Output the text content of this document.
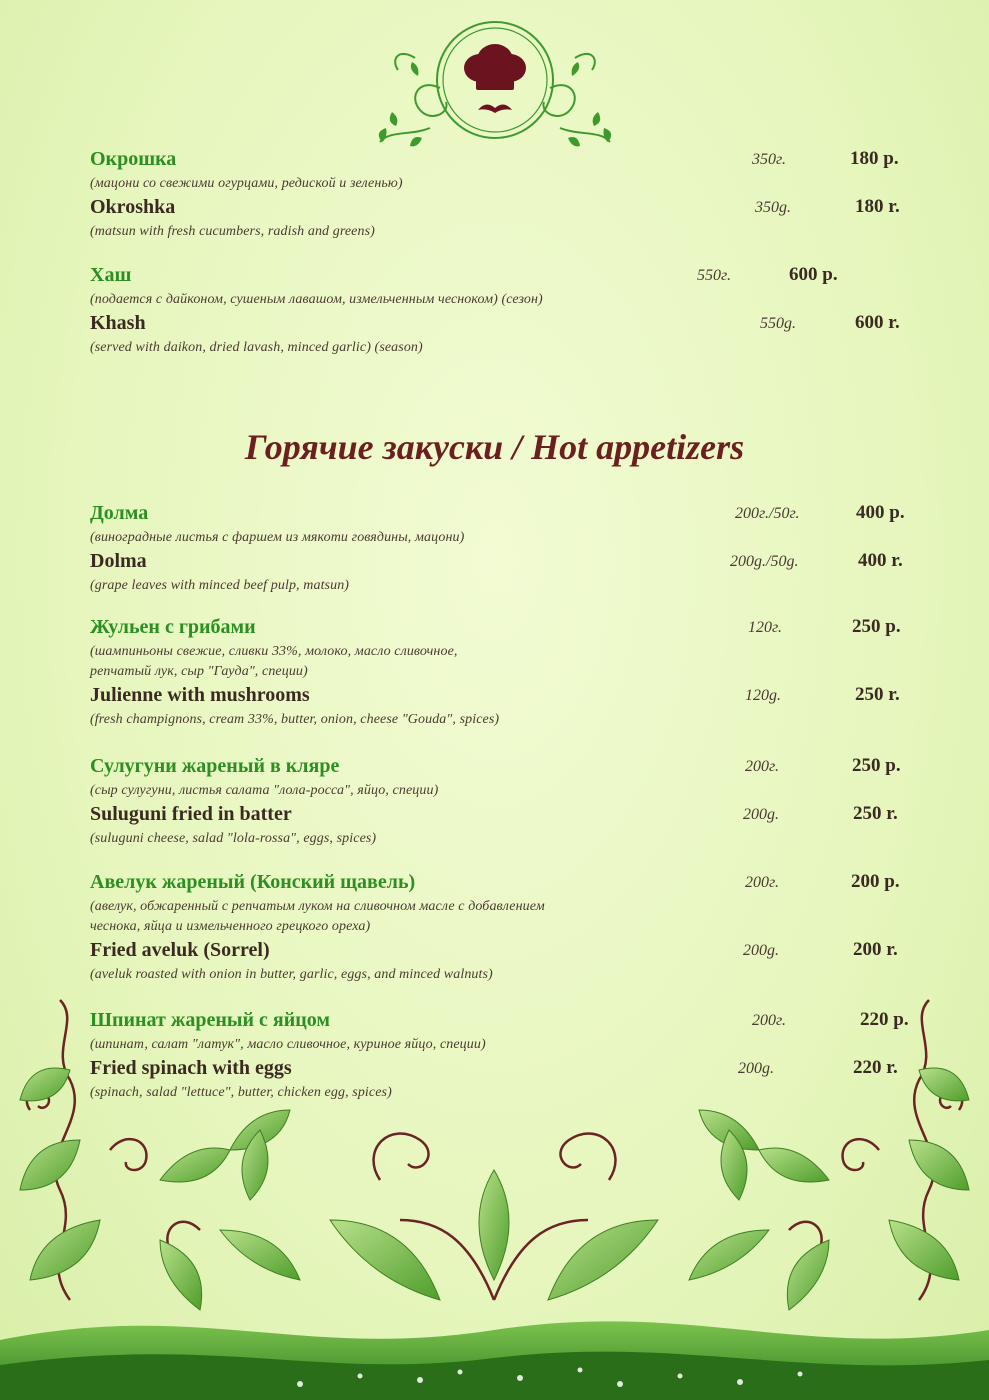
Окрошка	350г.	180 р.
(мацони со свежими огурцами, редиской и зеленью)
Okroshka	350g.	180 r.
(matsun with fresh cucumbers, radish and greens)
Хаш	550г.	600 р.
(подается с дайконом, сушеным лавашом, измельченным чесноком) (сезон)
Khash	550g.	600 r.
(served with daikon, dried lavash, minced garlic) (season)
Горячие закуски / Hot appetizers
Долма	200г./50г.	400 р.
(виноградные листья с фаршем из мякоти говядины, мацони)
Dolma	200g./50g.	400 r.
(grape leaves with minced beef pulp, matsun)
Жульен с грибами	120г.	250 р.
(шампиньоны свежие, сливки 33%, молоко, масло сливочное,
репчатый лук, сыр "Гауда", специи)
Julienne with mushrooms	120g.	250 r.
(fresh champignons, cream 33%, butter, onion, cheese "Gouda", spices)
Сулугуни жареный в кляре	200г.	250 р.
(сыр сулугуни, листья салата "лола-росса", яйцо, специи)
Suluguni fried in batter	200g.	250 r.
(suluguni cheese, salad "lola-rossa", eggs, spices)
Авелук жареный (Конский щавель)	200г.	200 р.
(авелук, обжаренный с репчатым луком на сливочном масле с добавлением
чеснока, яйца и измельченного грецкого ореха)
Fried aveluk (Sorrel)	200g.	200 r.
(aveluk roasted with onion in butter, garlic, eggs, and minced walnuts)
Шпинат жареный с яйцом	200г.	220 р.
(шпинат, салат "латук", масло сливочное, куриное яйцо, специи)
Fried spinach with eggs	200g.	220 r.
(spinach, salad "lettuce", butter, chicken egg, spices)
